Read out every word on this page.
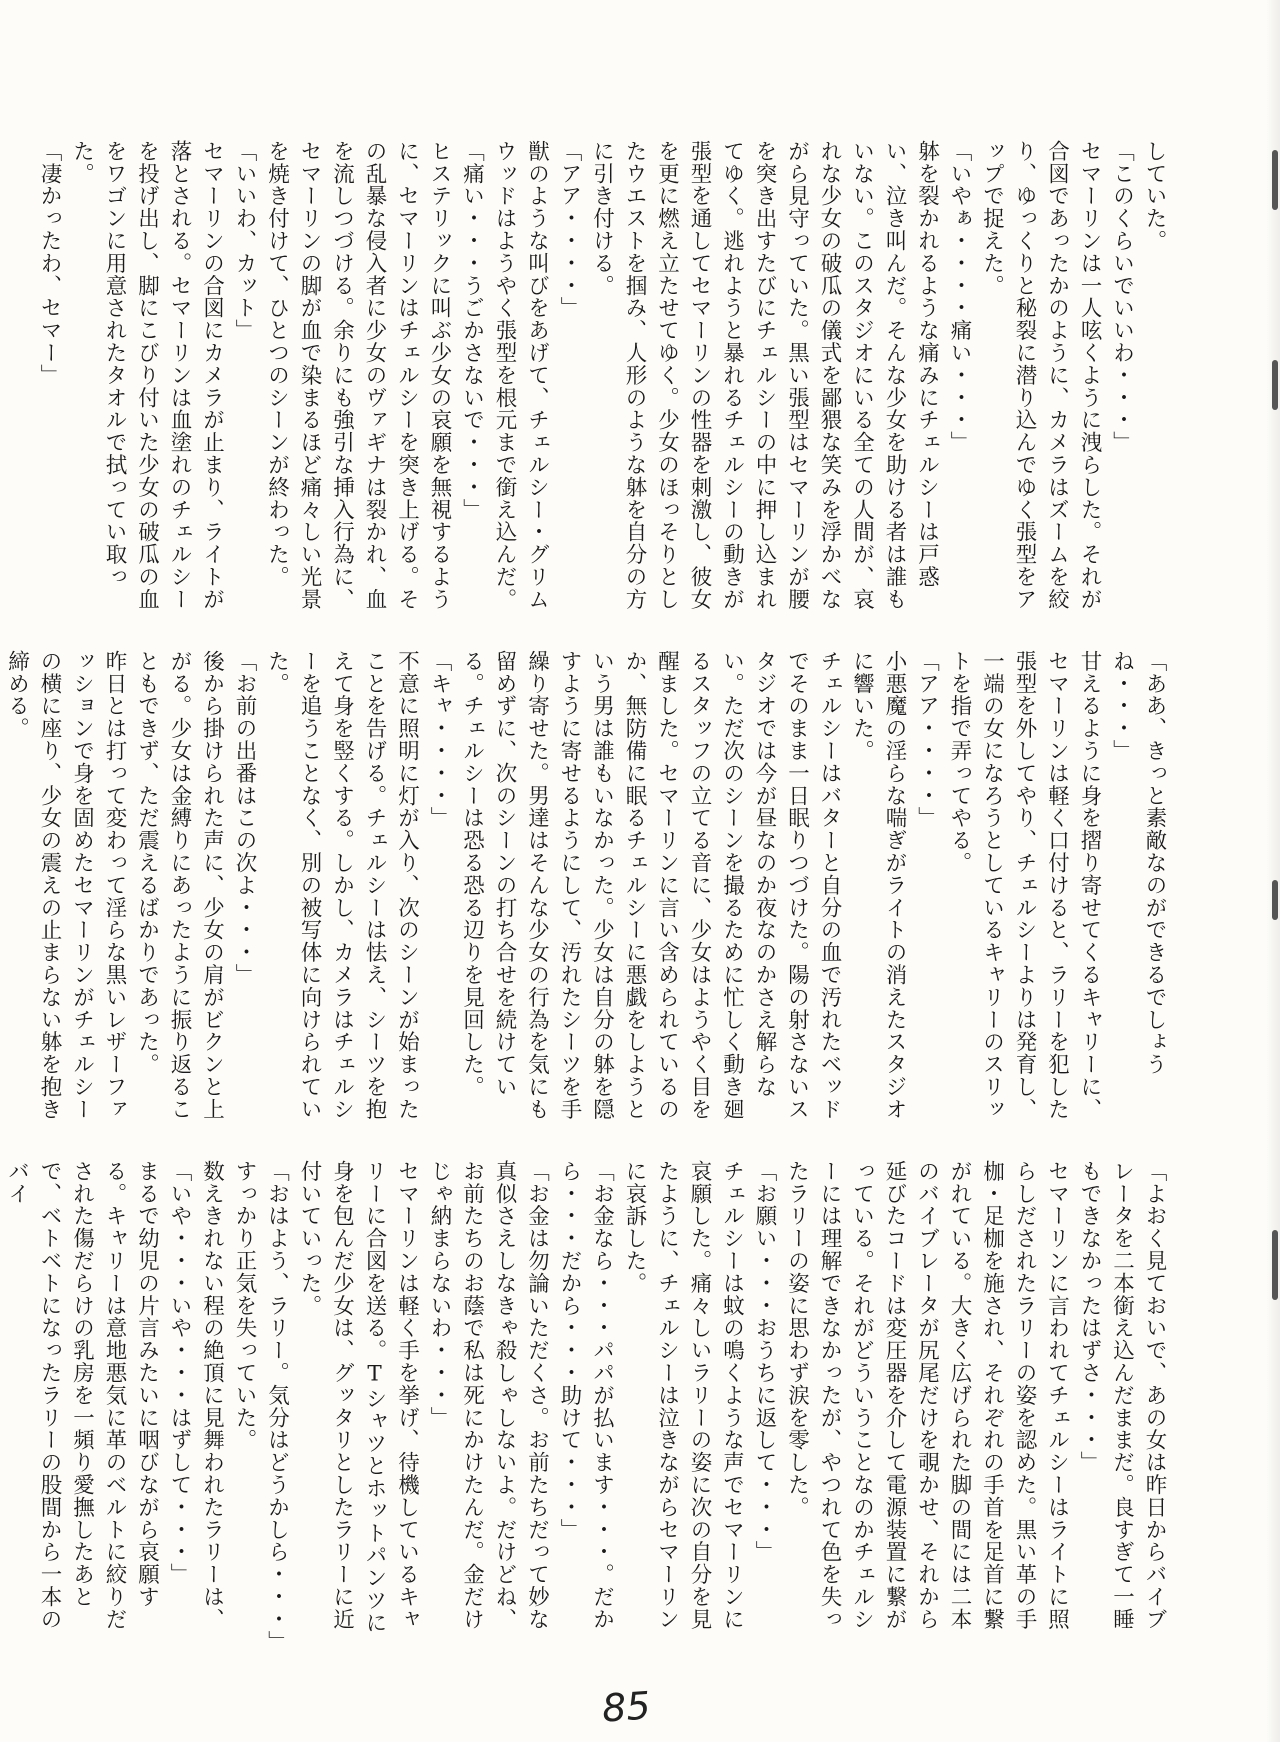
していた。

「このくらいでいいわ・・・」

セマーリンは一人呟くように洩らした。それが合図であったかのように、カメラはズームを絞り、ゆっくりと秘裂に潜り込んでゆく張型をアップで捉えた。

「いやぁ・・・・痛い・・・」

躰を裂かれるような痛みにチェルシーは戸惑い、泣き叫んだ。そんな少女を助ける者は誰もいない。このスタジオにいる全ての人間が、哀れな少女の破瓜の儀式を鄙猥な笑みを浮かべながら見守っていた。黒い張型はセマーリンが腰を突き出すたびにチェルシーの中に押し込まれてゆく。逃れようと暴れるチェルシーの動きが張型を通してセマーリンの性器を刺激し、彼女を更に燃え立たせてゆく。少女のほっそりとしたウエストを掴み、人形のような躰を自分の方に引き付ける。

「アア・・・・」

獣のような叫びをあげて、チェルシー・グリムウッドはようやく張型を根元まで銜え込んだ。

「痛い・・・うごかさないで・・・」

ヒステリックに叫ぶ少女の哀願を無視するように、セマーリンはチェルシーを突き上げる。その乱暴な侵入者に少女のヴァギナは裂かれ、血を流しつづける。余りにも強引な挿入行為に、セマーリンの脚が血で染まるほど痛々しい光景を焼き付けて、ひとつのシーンが終わった。

「いいわ、カット」

セマーリンの合図にカメラが止まり、ライトが落とされる。セマーリンは血塗れのチェルシーを投げ出し、脚にこびり付いた少女の破瓜の血をワゴンに用意されたタオルで拭ってい取った。

「凄かったわ、セマー」

「ああ、きっと素敵なのができるでしょうね・・・」

甘えるように身を摺り寄せてくるキャリーに、セマーリンは軽く口付けると、ラリーを犯した張型を外してやり、チェルシーよりは発育し、一端の女になろうとしているキャリーのスリットを指で弄ってやる。

「アア・・・・」

小悪魔の淫らな喘ぎがライトの消えたスタジオに響いた。

チェルシーはバターと自分の血で汚れたベッドでそのまま一日眠りつづけた。陽の射さないスタジオでは今が昼なのか夜なのかさえ解らない。ただ次のシーンを撮るために忙しく動き廻るスタッフの立てる音に、少女はようやく目を醒ました。セマーリンに言い含められているのか、無防備に眠るチェルシーに悪戯をしようという男は誰もいなかった。少女は自分の躰を隠すように寄せるようにして、汚れたシーツを手繰り寄せた。男達はそんな少女の行為を気にも留めずに、次のシーンの打ち合せを続けている。チェルシーは恐る恐る辺りを見回した。

「キャ・・・・」

不意に照明に灯が入り、次のシーンが始まったことを告げる。チェルシーは怯え、シーツを抱えて身を竪くする。しかし、カメラはチェルシーを追うことなく、別の被写体に向けられていた。

「お前の出番はこの次よ・・・」

後から掛けられた声に、少女の肩がビクンと上がる。少女は金縛りにあったように振り返ることもできず、ただ震えるばかりであった。

昨日とは打って変わって淫らな黒いレザーファッションで身を固めたセマーリンがチェルシーの横に座り、少女の震えの止まらない躰を抱き締める。

「よおく見ておいで、あの女は昨日からバイブレータを二本銜え込んだままだ。良すぎて一睡もできなかったはずさ・・・」

セマーリンに言われてチェルシーはライトに照らしだされたラリーの姿を認めた。黒い革の手枷・足枷を施され、それぞれの手首を足首に繋がれている。大きく広げられた脚の間には二本のバイブレータが尻尾だけを覗かせ、それから延びたコードは変圧器を介して電源装置に繋がっている。それがどういうことなのかチェルシーには理解できなかったが、やつれて色を失ったラリーの姿に思わず涙を零した。

「お願い・・・おうちに返して・・・」

チェルシーは蚊の鳴くような声でセマーリンに哀願した。痛々しいラリーの姿に次の自分を見たように、チェルシーは泣きながらセマーリンに哀訴した。

「お金なら・・・パパが払います・・・。だから・・・だから・・・助けて・・・」

「お金は勿論いただくさ。お前たちだって妙な真似さえしなきゃ殺しゃしないよ。だけどね、お前たちのお蔭で私は死にかけたんだ。金だけじゃ納まらないわ・・・」

セマーリンは軽く手を挙げ、待機しているキャリーに合図を送る。Tシャツとホットパンツに身を包んだ少女は、グッタリとしたラリーに近付いていった。

「おはよう、ラリー。気分はどうかしら・・・」

すっかり正気を失っていた。

数えきれない程の絶頂に見舞われたラリーは、「いや・・・いや・・・はずして・・・」

まるで幼児の片言みたいに咽びながら哀願する。キャリーは意地悪気に革のベルトに絞りだされた傷だらけの乳房を一頻り愛撫したあとで、ベトベトになったラリーの股間から一本のバイ

85
